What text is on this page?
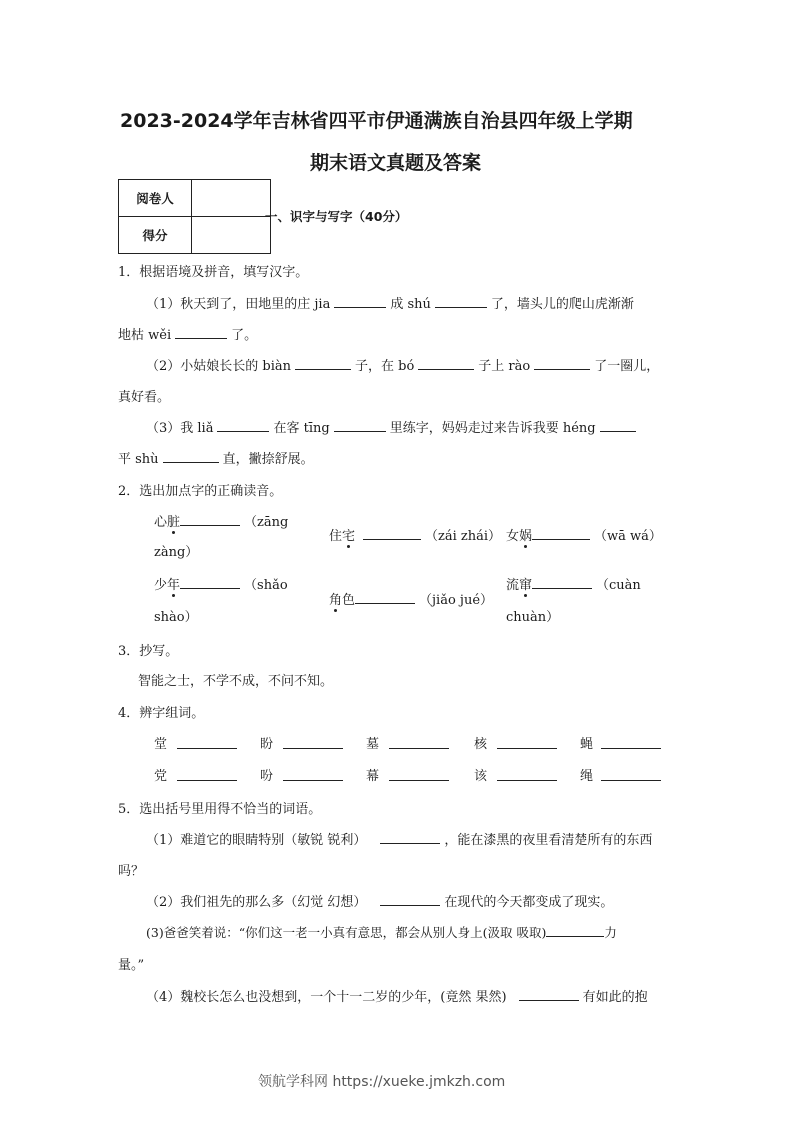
2023-2024学年吉林省四平市伊通满族自治县四年级上学期
期末语文真题及答案
阅卷人	
得分	
一、识字与写字（40分）
1．根据语境及拼音，填写汉字。
（1）秋天到了，田地里的庄 jia	成 shú	了，墙头儿的爬山虎渐渐
地枯 wěi	了。
（2）小姑娘长长的 biàn	子，在 bó	子上 rào	了一圈儿，
真好看。
（3）我 liǎ	在客 tīng	里练字，妈妈走过来告诉我要 héng
平 shù	直，撇捺舒展。
2．选出加点字的正确读音。
心脏	（zāng
zàng）
住宅	（zái zhái） 女娲	（wā wá）
少年	（shǎo
shào）
角色	（jiǎo jué）
流窜	（cuàn
chuàn）
3．抄写。
智能之士，不学不成，不问不知。
4．辨字组词。
堂	盼	墓	核	蝇
党	吩	幕	该	绳
5．选出括号里用得不恰当的词语。
（1）难道它的眼睛特别（敏锐 锐利）	，能在漆黑的夜里看清楚所有的东西
吗？
（2）我们祖先的那么多（幻觉 幻想）	在现代的今天都变成了现实。
(3)爸爸笑着说：“你们这一老一小真有意思，都会从别人身上(汲取 吸取)	力
量。”
（4）魏校长怎么也没想到，一个十一二岁的少年，(竟然 果然)	有如此的抱
领航学科网 https://xueke.jmkzh.com
